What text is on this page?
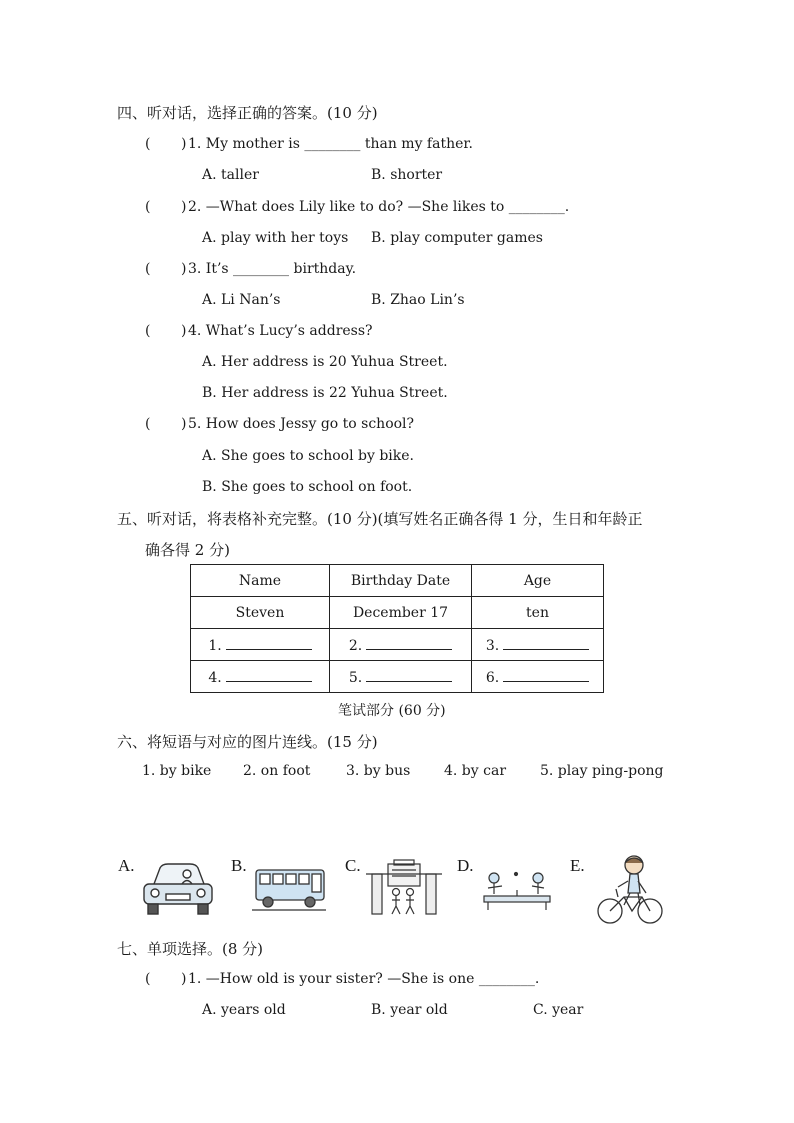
四、听对话，选择正确的答案。(10 分)
( ) 1. My mother is ________ than my father.
A. taller	B. shorter
( ) 2. —What does Lily like to do? —She likes to ________.
A. play with her toys B. play computer games
( ) 3. It’s ________ birthday.
A. Li Nan’s	B. Zhao Lin’s
( ) 4. What’s Lucy’s address?
A. Her address is 20 Yuhua Street.
B. Her address is 22 Yuhua Street.
( ) 5. How does Jessy go to school?
A. She goes to school by bike.
B. She goes to school on foot.
五、听对话，将表格补充完整。(10 分)(填写姓名正确各得 1 分，生日和年龄正
确各得 2 分)
Name	Birthday Date	Age
Steven	December 17	ten
1.	2.	3.
4.	5.	6.
笔试部分 (60 分)
六、将短语与对应的图片连线。(15 分)
1. by bike 2. on foot	3. by bus 4. by car 5. play ping-pong
A.	B.	C.	D.	E.
七、单项选择。(8 分)
( ) 1. —How old is your sister? —She is one ________.
A. years old	B. year old	C. year
